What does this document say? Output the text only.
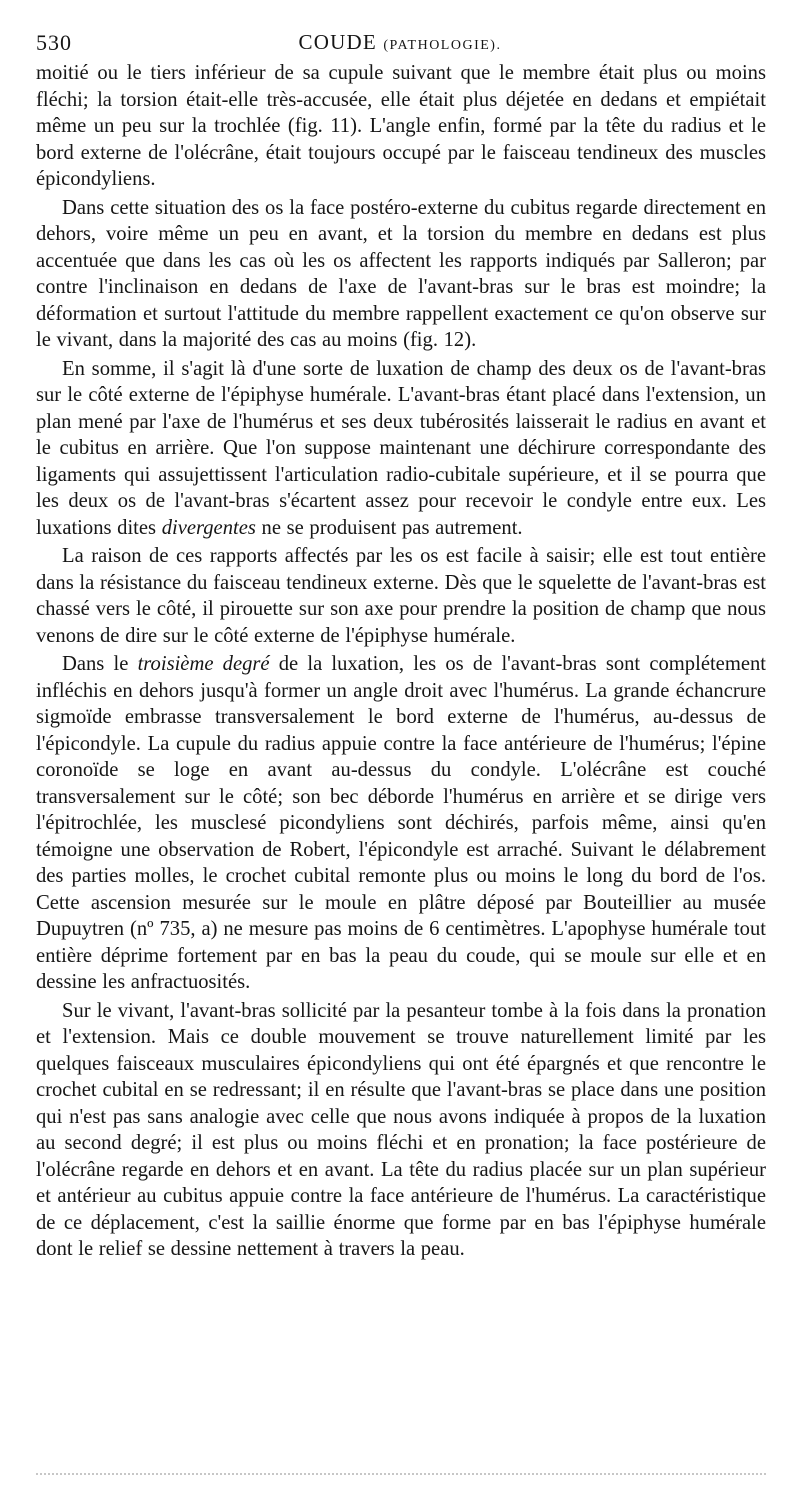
530	COUDE (PATHOLOGIE).

moitié ou le tiers inférieur de sa cupule suivant que le membre était plus ou moins fléchi; la torsion était-elle très-accusée, elle était plus déjetée en dedans et empiétait même un peu sur la trochlée (fig. 11). L'angle enfin, formé par la tête du radius et le bord externe de l'olécrâne, était toujours occupé par le faisceau tendineux des muscles épicondyliens.

Dans cette situation des os la face postéro-externe du cubitus regarde directement en dehors, voire même un peu en avant, et la torsion du membre en dedans est plus accentuée que dans les cas où les os affectent les rapports indiqués par Salleron; par contre l'inclinaison en dedans de l'axe de l'avant-bras sur le bras est moindre; la déformation et surtout l'attitude du membre rappellent exactement ce qu'on observe sur le vivant, dans la majorité des cas au moins (fig. 12).

En somme, il s'agit là d'une sorte de luxation de champ des deux os de l'avant-bras sur le côté externe de l'épiphyse humérale. L'avant-bras étant placé dans l'extension, un plan mené par l'axe de l'humérus et ses deux tubérosités laisserait le radius en avant et le cubitus en arrière. Que l'on suppose maintenant une déchirure correspondante des ligaments qui assujettissent l'articulation radio-cubitale supérieure, et il se pourra que les deux os de l'avant-bras s'écartent assez pour recevoir le condyle entre eux. Les luxations dites divergentes ne se produisent pas autrement.

La raison de ces rapports affectés par les os est facile à saisir; elle est tout entière dans la résistance du faisceau tendineux externe. Dès que le squelette de l'avant-bras est chassé vers le côté, il pirouette sur son axe pour prendre la position de champ que nous venons de dire sur le côté externe de l'épiphyse humérale.

Dans le troisième degré de la luxation, les os de l'avant-bras sont complétement infléchis en dehors jusqu'à former un angle droit avec l'humérus. La grande échancrure sigmoïde embrasse transversalement le bord externe de l'humérus, au-dessus de l'épicondyle. La cupule du radius appuie contre la face antérieure de l'humérus; l'épine coronoïde se loge en avant au-dessus du condyle. L'olécrâne est couché transversalement sur le côté; son bec déborde l'humérus en arrière et se dirige vers l'épitrochlée, les musclesé picondyliens sont déchirés, parfois même, ainsi qu'en témoigne une observation de Robert, l'épicondyle est arraché. Suivant le délabrement des parties molles, le crochet cubital remonte plus ou moins le long du bord de l'os. Cette ascension mesurée sur le moule en plâtre déposé par Bouteillier au musée Dupuytren (nº 735, a) ne mesure pas moins de 6 centimètres. L'apophyse humérale tout entière déprime fortement par en bas la peau du coude, qui se moule sur elle et en dessine les anfractuosités.

Sur le vivant, l'avant-bras sollicité par la pesanteur tombe à la fois dans la pronation et l'extension. Mais ce double mouvement se trouve naturellement limité par les quelques faisceaux musculaires épicondyliens qui ont été épargnés et que rencontre le crochet cubital en se redressant; il en résulte que l'avant-bras se place dans une position qui n'est pas sans analogie avec celle que nous avons indiquée à propos de la luxation au second degré; il est plus ou moins fléchi et en pronation; la face postérieure de l'olécrâne regarde en dehors et en avant. La tête du radius placée sur un plan supérieur et antérieur au cubitus appuie contre la face antérieure de l'humérus. La caractéristique de ce déplacement, c'est la saillie énorme que forme par en bas l'épiphyse humérale dont le relief se dessine nettement à travers la peau.
